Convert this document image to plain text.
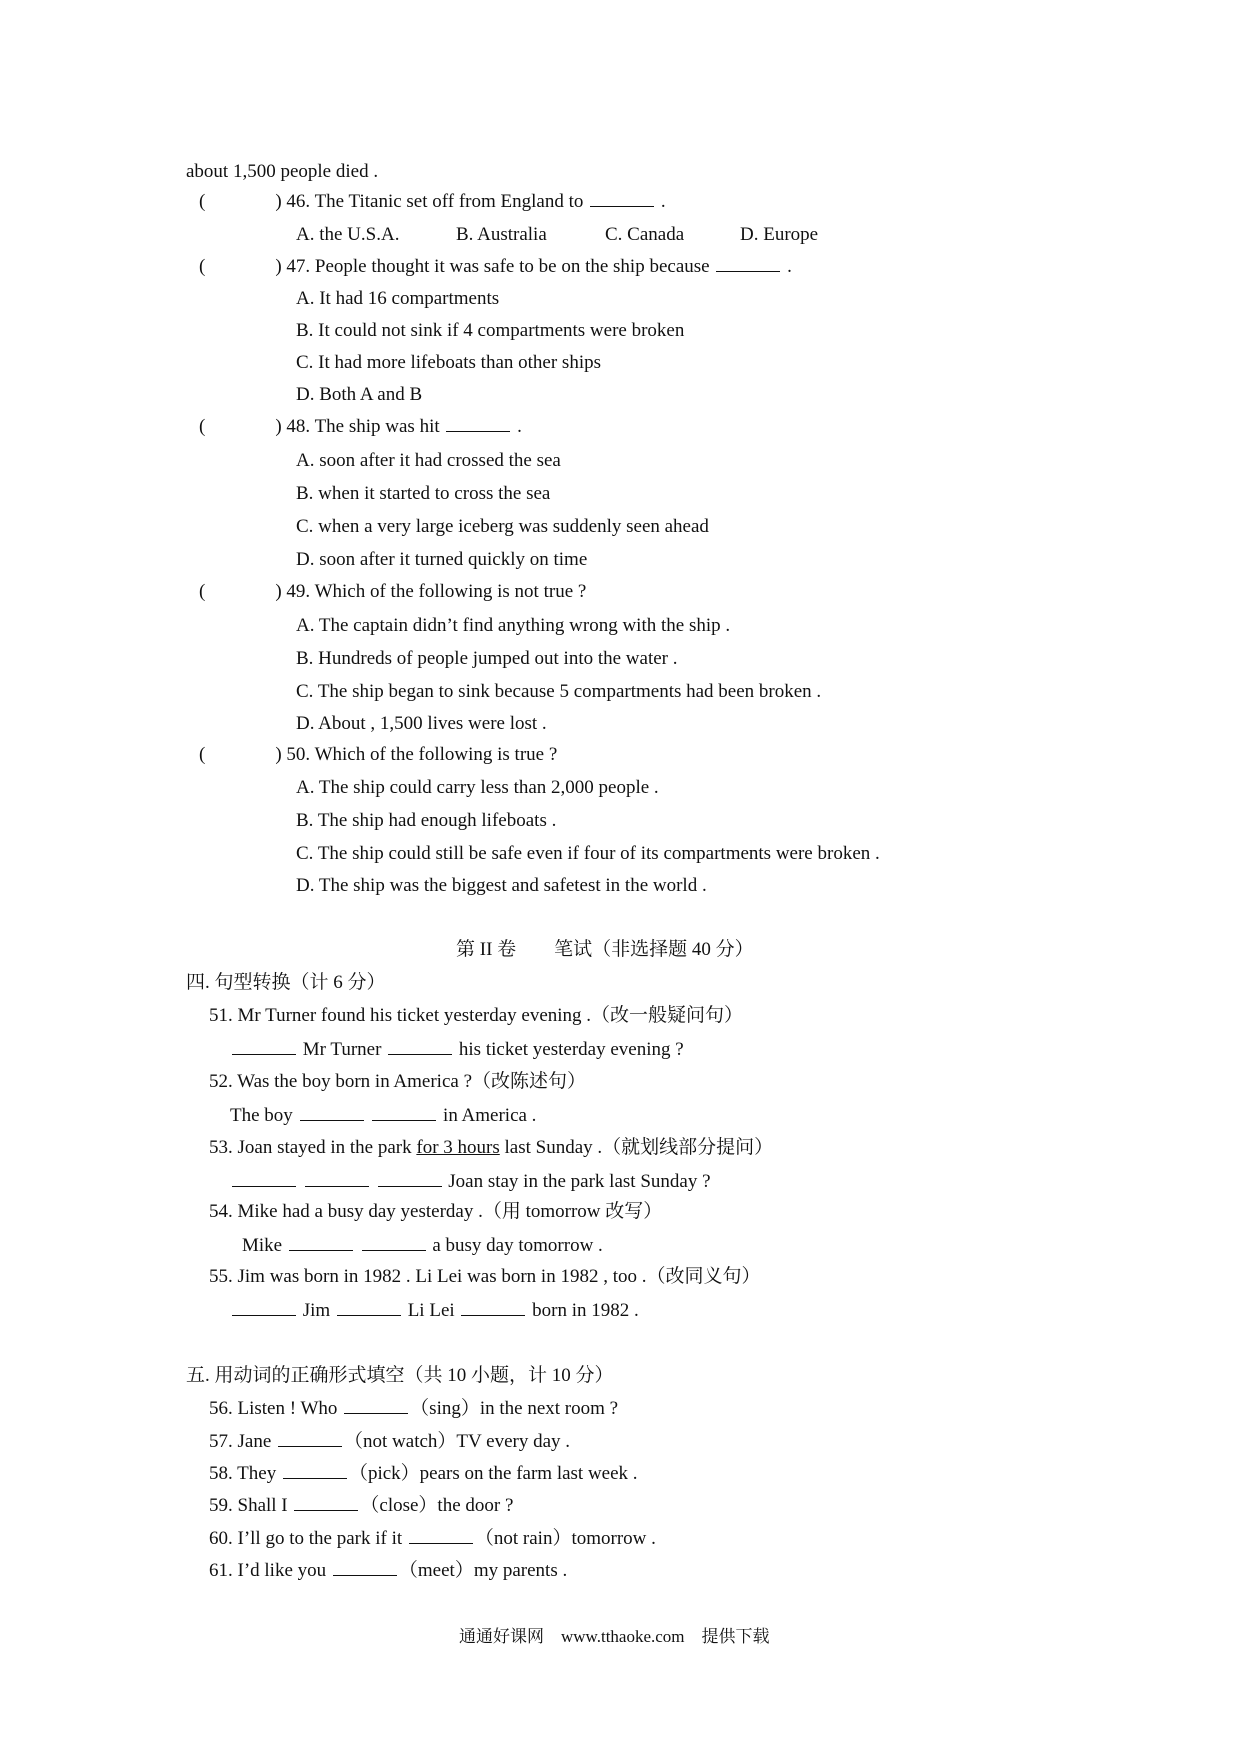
about 1,500 people died .
(	) 46. The Titanic set off from England to	.
A. the U.S.A.	B. Australia	C. Canada	D. Europe
(	) 47. People thought it was safe to be on the ship because	.
A. It had 16 compartments
B. It could not sink if 4 compartments were broken
C. It had more lifeboats than other ships
D. Both A and B
(	) 48. The ship was hit	.
A. soon after it had crossed the sea
B. when it started to cross the sea
C. when a very large iceberg was suddenly seen ahead
D. soon after it turned quickly on time
(	) 49. Which of the following is not true ?
A. The captain didn’t find anything wrong with the ship .
B. Hundreds of people jumped out into the water .
C. The ship began to sink because 5 compartments had been broken .
D. About , 1,500 lives were lost .
(	) 50. Which of the following is true ?
A. The ship could carry less than 2,000 people .
B. The ship had enough lifeboats .
C. The ship could still be safe even if four of its compartments were broken .
D. The ship was the biggest and safetest in the world .
第 II 卷　　笔试（非选择题 40 分）
四. 句型转换（计 6 分）
51. Mr Turner found his ticket yesterday evening .（改一般疑问句）
Mr Turner	his ticket yesterday evening ?
52. Was the boy born in America ?（改陈述句）
The boy	in America .
53. Joan stayed in the park for 3 hours last Sunday .（就划线部分提问）
Joan stay in the park last Sunday ?
54. Mike had a busy day yesterday .（用 tomorrow 改写）
Mike	a busy day tomorrow .
55. Jim was born in 1982 . Li Lei was born in 1982 , too .（改同义句）
Jim	Li Lei	born in 1982 .
五. 用动词的正确形式填空（共 10 小题，计 10 分）
56. Listen ! Who	（sing）in the next room ?
57. Jane	（not watch）TV every day .
58. They	（pick）pears on the farm last week .
59. Shall I	（close）the door ?
60. I’ll go to the park if it	（not rain）tomorrow .
61. I’d like you	（meet）my parents .
通通好课网　www.tthaoke.com　提供下载
